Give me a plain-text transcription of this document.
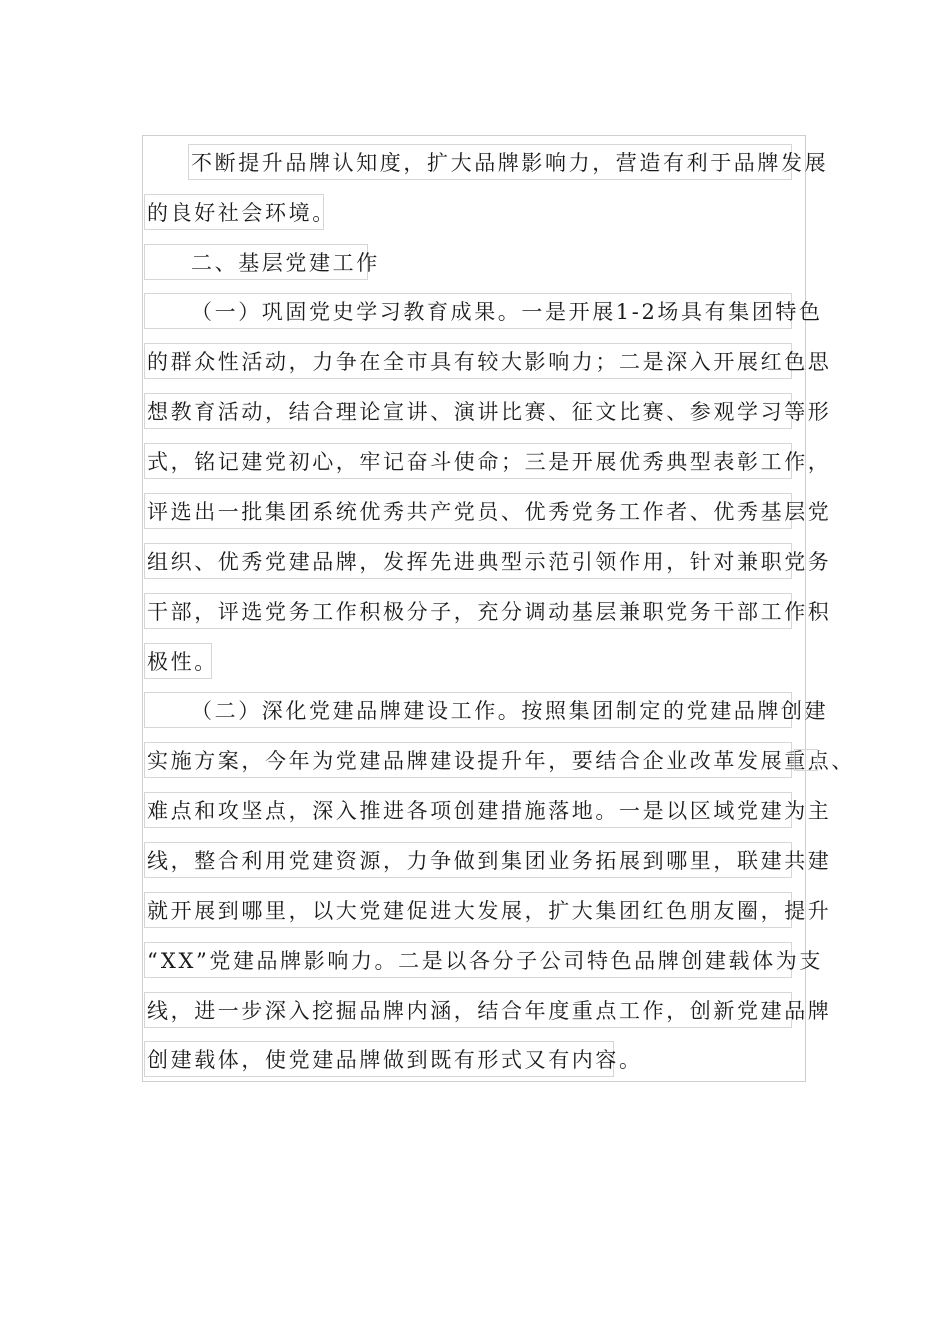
不断提升品牌认知度，扩大品牌影响力，营造有利于品牌发展
的良好社会环境。
二、基层党建工作
（一）巩固党史学习教育成果。一是开展1-2场具有集团特色
的群众性活动，力争在全市具有较大影响力；二是深入开展红色思
想教育活动，结合理论宣讲、演讲比赛、征文比赛、参观学习等形
式，铭记建党初心，牢记奋斗使命；三是开展优秀典型表彰工作，
评选出一批集团系统优秀共产党员、优秀党务工作者、优秀基层党
组织、优秀党建品牌，发挥先进典型示范引领作用，针对兼职党务
干部，评选党务工作积极分子，充分调动基层兼职党务干部工作积
极性。
（二）深化党建品牌建设工作。按照集团制定的党建品牌创建
实施方案，今年为党建品牌建设提升年，要结合企业改革发展重点、
难点和攻坚点，深入推进各项创建措施落地。一是以区域党建为主
线，整合利用党建资源，力争做到集团业务拓展到哪里，联建共建
就开展到哪里，以大党建促进大发展，扩大集团红色朋友圈，提升
“XX”党建品牌影响力。二是以各分子公司特色品牌创建载体为支
线，进一步深入挖掘品牌内涵，结合年度重点工作，创新党建品牌
创建载体，使党建品牌做到既有形式又有内容。
